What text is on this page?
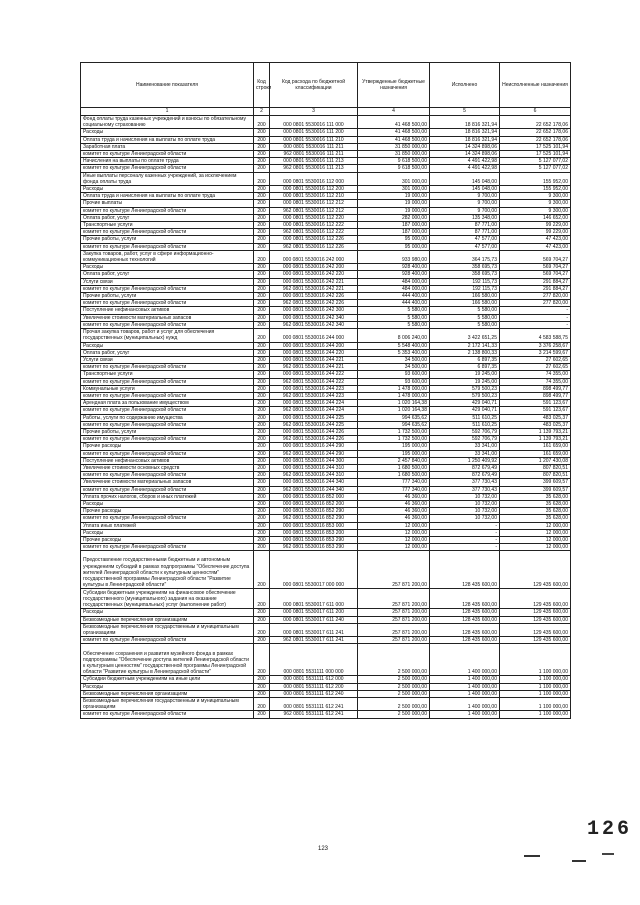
Наименование показателя	Код строки	Код расхода по бюджетной классификации	Утвержденные бюджетные назначения	Исполнено	Неисполненные назначения
1	2	3	4	5	6
Фонд оплаты труда казенных учреждений и взносы по обязательному социальному страхованию	200	000 0801 5530016 111 000	41 468 500,00	18 816 321,94	22 652 178,06
Расходы	200	000 0801 5530016 111 200	41 468 500,00	18 816 321,94	22 652 178,06
Оплата труда и начисления на выплаты по оплате труда	200	000 0801 5530016 111 210	41 468 500,00	18 816 321,94	22 652 178,06
Заработная плата	200	000 0801 5530016 111 211	31 850 000,00	14 324 898,06	17 525 101,94
комитет по культуре Ленинградской области	200	962 0801 5530016 111 211	31 850 000,00	14 324 898,06	17 525 101,94
Начисления на выплаты по оплате труда	200	000 0801 5530016 111 213	9 618 500,00	4 491 422,98	5 127 077,02
комитет по культуре Ленинградской области	200	962 0801 5530016 111 213	9 618 500,00	4 491 422,98	5 127 077,02
Иные выплаты персоналу казенных учреждений, за исключением фонда оплаты труда	200	000 0801 5530016 112 000	301 000,00	145 048,00	155 952,00
Расходы	200	000 0801 5530016 112 200	301 000,00	145 048,00	155 952,00
Оплата труда и начисления на выплаты по оплате труда	200	000 0801 5530016 112 210	19 000,00	9 700,00	9 300,00
Прочие выплаты	200	000 0801 5530016 112 212	19 000,00	9 700,00	9 300,00
комитет по культуре Ленинградской области	200	962 0801 5530016 112 212	19 000,00	9 700,00	9 300,00
Оплата работ, услуг	200	000 0801 5530016 112 220	282 000,00	135 348,00	146 652,00
Транспортные услуги	200	000 0801 5530016 112 222	187 000,00	87 771,00	99 229,00
комитет по культуре Ленинградской области	200	962 0801 5530016 112 222	187 000,00	87 771,00	99 229,00
Прочие работы, услуги	200	000 0801 5530016 112 226	95 000,00	47 577,00	47 423,00
комитет по культуре Ленинградской области	200	962 0801 5530016 112 226	95 000,00	47 577,00	47 423,00
Закупка товаров, работ, услуг в сфере информационно-коммуникационных технологий	200	000 0801 5530016 242 000	933 980,00	364 175,73	569 704,27
Расходы	200	000 0801 5530016 242 200	928 400,00	358 695,73	569 704,27
Оплата работ, услуг	200	000 0801 5530016 242 220	928 400,00	358 695,73	569 704,27
Услуги связи	200	000 0801 5530016 242 221	484 000,00	192 115,73	291 884,27
комитет по культуре Ленинградской области	200	962 0801 5530016 242 221	484 000,00	192 115,73	291 884,27
Прочие работы, услуги	200	000 0801 5530016 242 226	444 400,00	166 580,00	277 820,00
комитет по культуре Ленинградской области	200	962 0801 5530016 242 226	444 400,00	166 580,00	277 820,00
Поступление нефинансовых активов	200	000 0801 5530016 242 300	5 580,00	5 580,00	-
Увеличение стоимости материальных запасов	200	000 0801 5530016 242 340	5 580,00	5 580,00	-
комитет по культуре Ленинградской области	200	962 0801 5530016 242 340	5 580,00	5 580,00	-
Прочая закупка товаров, работ и услуг для обеспечения государственных (муниципальных) нужд	200	000 0801 5530016 244 000	8 006 240,00	3 422 651,25	4 583 588,75
Расходы	200	000 0801 5530016 244 200	5 548 400,00	2 172 141,33	3 376 258,67
Оплата работ, услуг	200	000 0801 5530016 244 220	5 353 400,00	2 138 800,33	3 214 599,67
Услуги связи	200	000 0801 5530016 244 221	34 500,00	6 897,35	27 602,65
комитет по культуре Ленинградской области	200	962 0801 5530016 244 221	34 500,00	6 897,35	27 602,65
Транспортные услуги	200	000 0801 5530016 244 222	93 600,00	19 245,00	74 355,00
комитет по культуре Ленинградской области	200	962 0801 5530016 244 222	93 600,00	19 245,00	74 355,00
Коммунальные услуги	200	000 0801 5530016 244 223	1 478 000,00	579 500,23	898 499,77
комитет по культуре Ленинградской области	200	962 0801 5530016 244 223	1 478 000,00	579 500,23	898 499,77
Арендная плата за пользование имуществом	200	000 0801 5530016 244 224	1 020 164,38	429 040,71	591 123,67
комитет по культуре Ленинградской области	200	962 0801 5530016 244 224	1 020 164,38	429 040,71	591 123,67
Работы, услуги по содержанию имущества	200	000 0801 5530016 244 225	994 635,62	511 610,25	483 025,37
комитет по культуре Ленинградской области	200	962 0801 5530016 244 225	994 635,62	511 610,25	483 025,37
Прочие работы, услуги	200	000 0801 5530016 244 226	1 732 500,00	592 706,79	1 139 793,21
комитет по культуре Ленинградской области	200	962 0801 5530016 244 226	1 732 500,00	592 706,79	1 139 793,21
Прочие расходы	200	000 0801 5530016 244 290	195 000,00	33 341,00	161 659,00
комитет по культуре Ленинградской области	200	962 0801 5530016 244 290	195 000,00	33 341,00	161 659,00
Поступление нефинансовых активов	200	000 0801 5530016 244 300	2 457 840,00	1 250 409,92	1 207 430,08
Увеличение стоимости основных средств	200	000 0801 5530016 244 310	1 680 500,00	872 679,49	807 820,51
комитет по культуре Ленинградской области	200	962 0801 5530016 244 310	1 680 500,00	872 679,49	807 820,51
Увеличение стоимости материальных запасов	200	000 0801 5530016 244 340	777 340,00	377 730,43	399 609,57
комитет по культуре Ленинградской области	200	962 0801 5530016 244 340	777 340,00	377 730,43	399 609,57
Уплата прочих налогов, сборов и иных платежей	200	000 0801 5530016 852 000	46 360,00	10 732,00	35 628,00
Расходы	200	000 0801 5530016 852 200	46 360,00	10 732,00	35 628,00
Прочие расходы	200	000 0801 5530016 852 290	46 360,00	10 732,00	35 628,00
комитет по культуре Ленинградской области	200	962 0801 5530016 852 290	46 360,00	10 732,00	35 628,00
Уплата иных платежей	200	000 0801 5530016 853 000	12 000,00	-	12 000,00
Расходы	200	000 0801 5530016 853 200	12 000,00	-	12 000,00
Прочие расходы	200	000 0801 5530016 853 290	12 000,00	-	12 000,00
комитет по культуре Ленинградской области	200	962 0801 5530016 853 290	12 000,00	-	12 000,00
Предоставление государственными бюджетным и автономным учреждениям субсидий в рамках подпрограммы "Обеспечение доступа жителей Ленинградской области к культурным ценностям" государственной программы Ленинградской области "Развитие культуры в Ленинградской области"	200	000 0801 5530017 000 000	257 871 200,00	128 435 600,00	129 435 600,00
Субсидии бюджетным учреждениям на финансовое обеспечение государственного (муниципального) задания на оказание государственных (муниципальных) услуг (выполнение работ)	200	000 0801 5530017 611 000	257 871 200,00	128 435 600,00	129 435 600,00
Расходы	200	000 0801 5530017 611 200	257 871 200,00	128 435 600,00	129 435 600,00
Безвозмездные перечисления организациям	200	000 0801 5530017 611 240	257 871 200,00	128 435 600,00	129 435 600,00
Безвозмездные перечисления государственным и муниципальным организациям	200	000 0801 5530017 611 241	257 871 200,00	128 435 600,00	129 435 600,00
комитет по культуре Ленинградской области	200	962 0801 5530017 611 241	257 871 200,00	128 435 600,00	129 435 600,00
Обеспечение сохранения и развития музейного фонда в рамках подпрограммы "Обеспечение доступа жителей Ленинградской области к культурным ценностям" государственной программы Ленинградской области "Развитие культуры в Ленинградской области"	200	000 0801 5531111 000 000	2 500 000,00	1 400 000,00	1 100 000,00
Субсидии бюджетным учреждениям на иные цели	200	000 0801 5531111 612 000	2 500 000,00	1 400 000,00	1 100 000,00
Расходы	200	000 0801 5531111 612 200	2 500 000,00	1 400 000,00	1 100 000,00
Безвозмездные перечисления организациям	200	000 0801 5531111 612 240	2 500 000,00	1 400 000,00	1 100 000,00
Безвозмездные перечисления государственным и муниципальным организациям	200	000 0801 5531111 612 241	2 500 000,00	1 400 000,00	1 100 000,00
комитет по культуре Ленинградской области	200	962 0801 5531111 612 241	2 500 000,00	1 400 000,00	1 100 000,00
123
126
